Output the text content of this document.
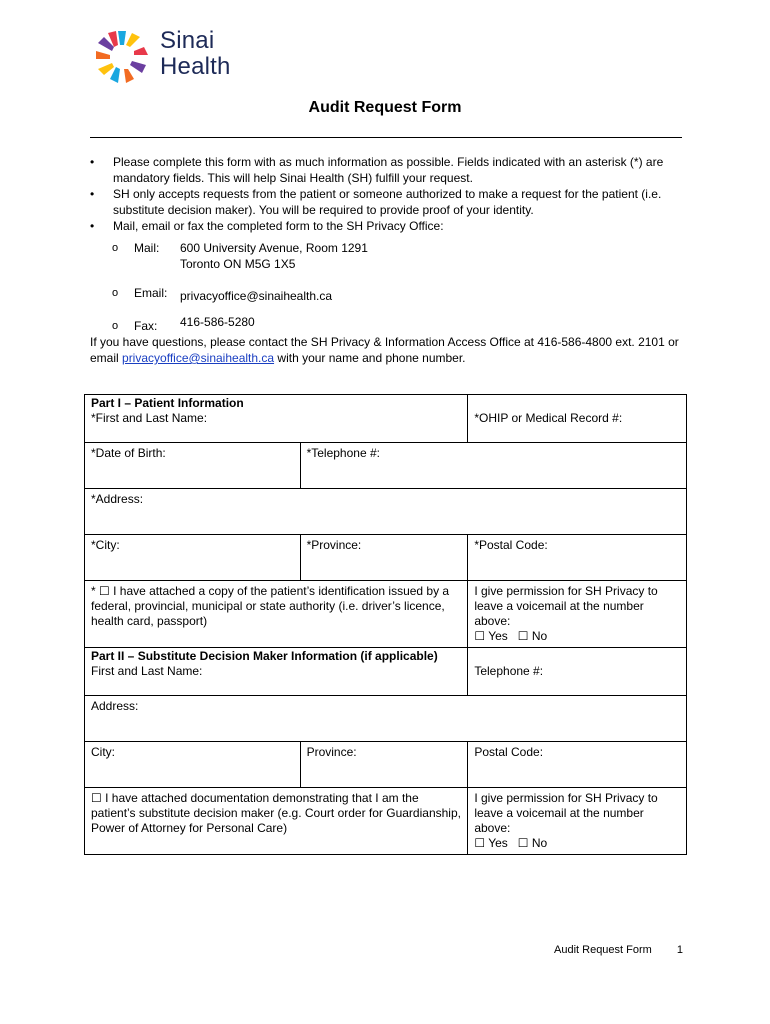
Sinai
Health
Audit Request Form
• Please complete this form with as much information as possible. Fields indicated with an asterisk (*) are mandatory fields. This will help Sinai Health (SH) fulfill your request.
• SH only accepts requests from the patient or someone authorized to make a request for the patient (i.e. substitute decision maker). You will be required to provide proof of your identity.
• Mail, email or fax the completed form to the SH Privacy Office:
o Mail: 600 University Avenue, Room 1291
Toronto ON M5G 1X5
o Email: privacyoffice@sinaihealth.ca
o Fax: 416-586-5280
If you have questions, please contact the SH Privacy & Information Access Office at 416-586-4800 ext. 2101 or email privacyoffice@sinaihealth.ca with your name and phone number.
Part I – Patient Information
*First and Last Name:		*OHIP or Medical Record #:

*Date of Birth:	*Telephone #:	
*Address:		
*City:	*Province:	*Postal Code:
* ☐ I have attached a copy of the patient’s identification issued by a federal, provincial, municipal or state authority (i.e. driver’s licence, health card, passport)		I give permission for SH Privacy to leave a voicemail at the number above:
☐ Yes ☐ No

Part II – Substitute Decision Maker Information (if applicable)
First and Last Name:		Telephone #:

Address:		
City:	Province:	Postal Code:
☐ I have attached documentation demonstrating that I am the patient’s substitute decision maker (e.g. Court order for Guardianship, Power of Attorney for Personal Care)		I give permission for SH Privacy to leave a voicemail at the number above:
☐ Yes ☐ No
Audit Request Form 1
